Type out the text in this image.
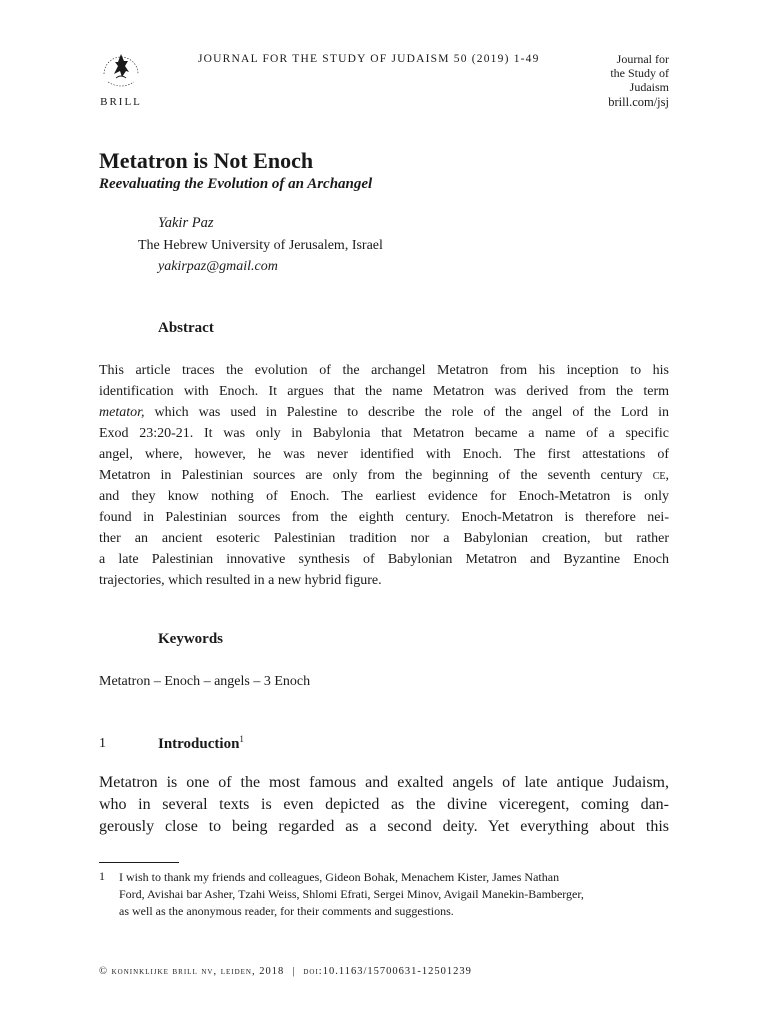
BRILL
JOURNAL FOR THE STUDY OF JUDAISM 50 (2019) 1-49	Journal for
the Study of
Judaism
brill.com/jsj
Metatron is Not Enoch
Reevaluating the Evolution of an Archangel
Yakir Paz
The Hebrew University of Jerusalem, Israel
yakirpaz@gmail.com
Abstract
This article traces the evolution of the archangel Metatron from his inception to his
identification with Enoch. It argues that the name Metatron was derived from the term
metator, which was used in Palestine to describe the role of the angel of the Lord in
Exod 23:20-21. It was only in Babylonia that Metatron became a name of a specific
angel, where, however, he was never identified with Enoch. The first attestations of
Metatron in Palestinian sources are only from the beginning of the seventh century ce,
and they know nothing of Enoch. The earliest evidence for Enoch-Metatron is only
found in Palestinian sources from the eighth century. Enoch-Metatron is therefore nei-
ther an ancient esoteric Palestinian tradition nor a Babylonian creation, but rather
a late Palestinian innovative synthesis of Babylonian Metatron and Byzantine Enoch
trajectories, which resulted in a new hybrid figure.
Keywords
Metatron – Enoch – angels – 3 Enoch
1	Introduction$^1$
Metatron is one of the most famous and exalted angels of late antique Judaism,
who in several texts is even depicted as the divine viceregent, coming dan-
gerously close to being regarded as a second deity. Yet everything about this
1 I wish to thank my friends and colleagues, Gideon Bohak, Menachem Kister, James Nathan
Ford, Avishai bar Asher, Tzahi Weiss, Shlomi Efrati, Sergei Minov, Avigail Manekin-Bamberger,
as well as the anonymous reader, for their comments and suggestions.
© koninklijke brill nv, leiden, 2018 | doi:10.1163/15700631-12501239
